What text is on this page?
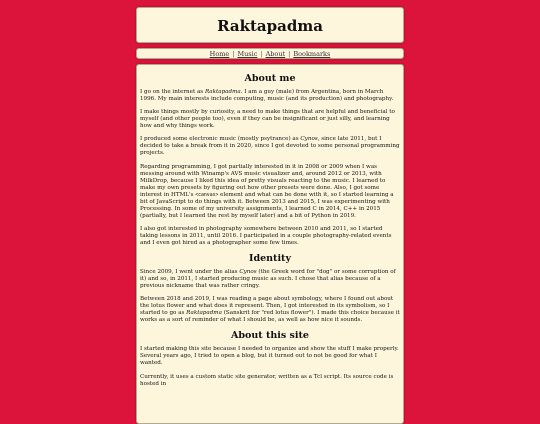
Raktapadma
Home | Music | About | Bookmarks
About me

I go on the internet as Raktapadma. I am a guy (male) from Argentina, born in March 1996. My main interests include computing, music (and its production) and photography.

I make things mostly by curiosity, a need to make things that are helpful and beneficial to myself (and other people too), even if they can be insignificant or just silly, and learning how and why things work.

I produced some electronic music (mostly psytrance) as Cynos, since late 2011, but I decided to take a break from it in 2020, since I got devoted to some personal programming projects.

Regarding programming, I got partially interested in it in 2008 or 2009 when I was messing around with Winamp's AVS music visualizer and, around 2012 or 2013, with MilkDrop, because I liked this idea of pretty visuals reacting to the music. I learned to make my own presets by figuring out how other presets were done. Also, I got some interest in HTML's <canvas> element and what can be done with it, so I started learning a bit of JavaScript to do things with it. Between 2013 and 2015, I was experimenting with Processing. In some of my university assignments, I learned C in 2014, C++ in 2015 (partially, but I learned the rest by myself later) and a bit of Python in 2019.

I also got interested in photography somewhere between 2010 and 2011, so I started taking lessons in 2011, until 2016. I participated in a couple photography-related events and I even got hired as a photographer some few times.

Identity

Since 2009, I went under the alias Cynos (the Greek word for "dog" or some corruption of it) and so, in 2011, I started producing music as such. I chose that alias because of a previous nickname that was rather cringy.

Between 2018 and 2019, I was reading a page about symbology, where I found out about the lotus flower and what does it represent. Then, I got interested in its symbolism, so I started to go as Raktapadma (Sanskrit for "red lotus flower"). I made this choice because it works as a sort of reminder of what I should be, as well as how nice it sounds.

About this site

I started making this site because I needed to organize and show the stuff I make properly. Several years ago, I tried to open a blog, but it turned out to not be good for what I wanted.

Currently, it uses a custom static site generator, written as a Tcl script. Its source code is hosted in
